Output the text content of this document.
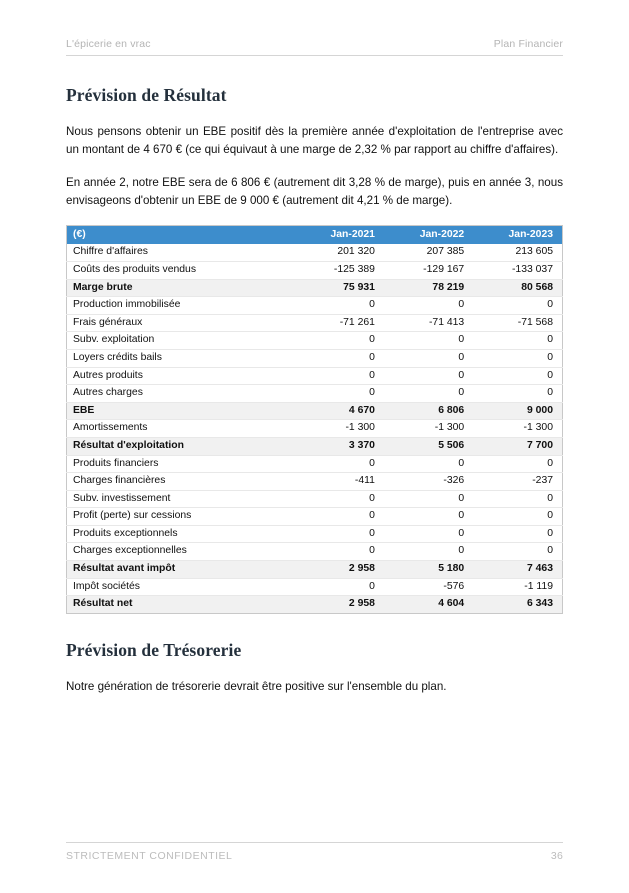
L'épicerie en vrac	Plan Financier
Prévision de Résultat

Nous pensons obtenir un EBE positif dès la première année d'exploitation de l'entreprise avec un montant de 4 670 € (ce qui équivaut à une marge de 2,32 % par rapport au chiffre d'affaires).

En année 2, notre EBE sera de 6 806 € (autrement dit 3,28 % de marge), puis en année 3, nous envisageons d'obtenir un EBE de 9 000 € (autrement dit 4,21 % de marge).

(€)	Jan-2021	Jan-2022	Jan-2023
Chiffre d'affaires	201 320	207 385	213 605
Coûts des produits vendus	-125 389	-129 167	-133 037
Marge brute	75 931	78 219	80 568
Production immobilisée	0	0	0
Frais généraux	-71 261	-71 413	-71 568
Subv. exploitation	0	0	0
Loyers crédits bails	0	0	0
Autres produits	0	0	0
Autres charges	0	0	0
EBE	4 670	6 806	9 000
Amortissements	-1 300	-1 300	-1 300
Résultat d'exploitation	3 370	5 506	7 700
Produits financiers	0	0	0
Charges financières	-411	-326	-237
Subv. investissement	0	0	0
Profit (perte) sur cessions	0	0	0
Produits exceptionnels	0	0	0
Charges exceptionnelles	0	0	0
Résultat avant impôt	2 958	5 180	7 463
Impôt sociétés	0	-576	-1 119
Résultat net	2 958	4 604	6 343
Prévision de Trésorerie

Notre génération de trésorerie devrait être positive sur l'ensemble du plan.

STRICTEMENT CONFIDENTIEL	36
